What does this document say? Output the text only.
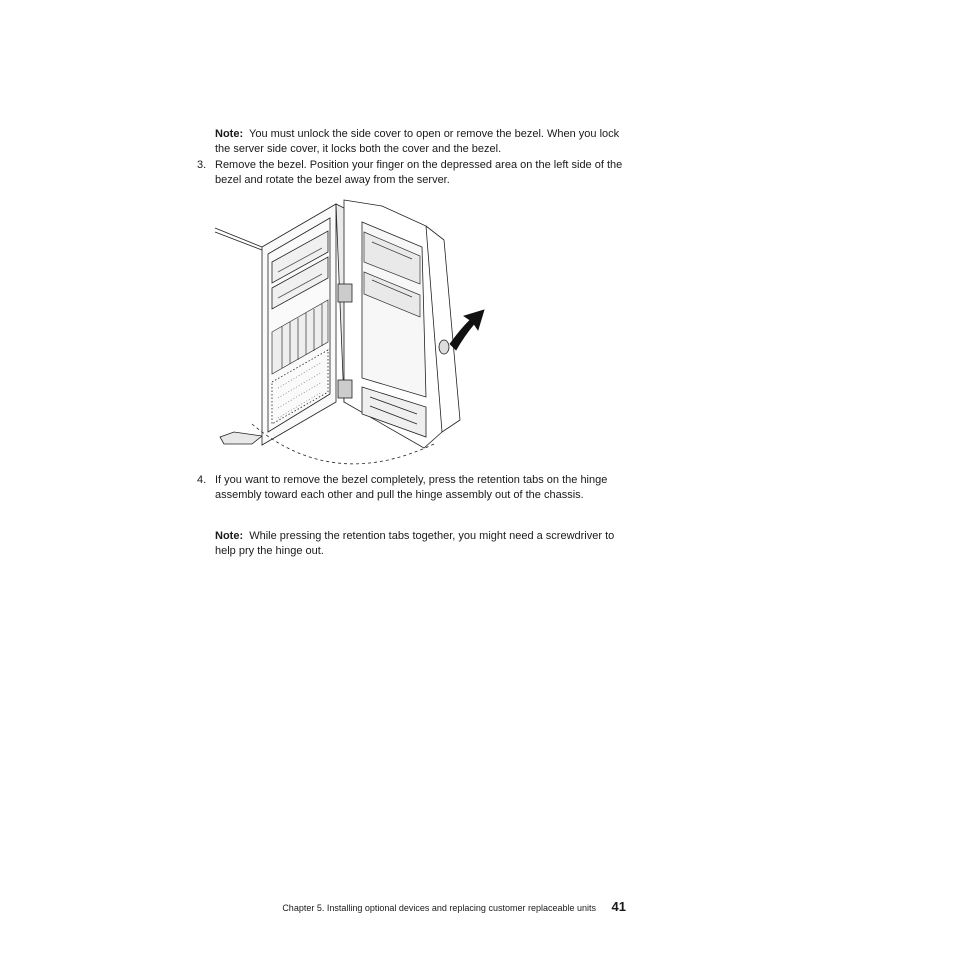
Note: You must unlock the side cover to open or remove the bezel. When you lock the server side cover, it locks both the cover and the bezel.
3. Remove the bezel. Position your finger on the depressed area on the left side of the bezel and rotate the bezel away from the server.
4. If you want to remove the bezel completely, press the retention tabs on the hinge assembly toward each other and pull the hinge assembly out of the chassis.
Note: While pressing the retention tabs together, you might need a screwdriver to help pry the hinge out.
Chapter 5. Installing optional devices and replacing customer replaceable units 41
